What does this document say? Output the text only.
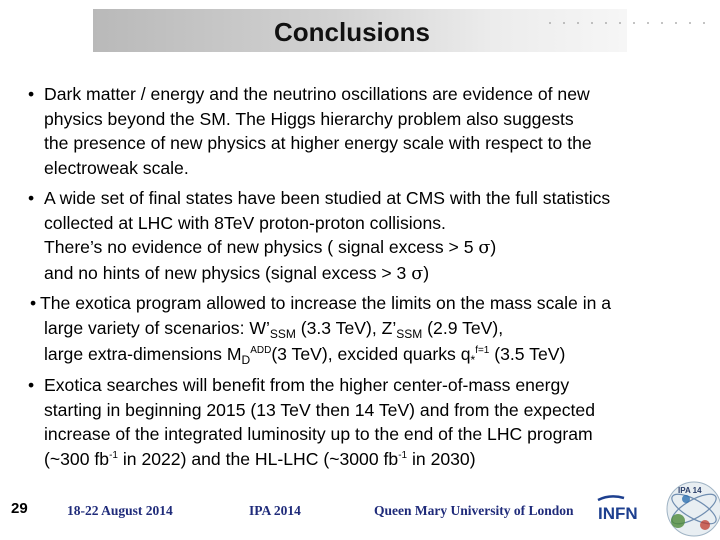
Conclusions
• Dark matter / energy and the neutrino oscillations are evidence of new
physics beyond the SM. The Higgs hierarchy problem also suggests
the presence of new physics at higher energy scale with respect to the
electroweak scale.
• A wide set of final states have been studied at CMS with the full statistics
collected at LHC with 8TeV proton-proton collisions.
There’s no evidence of new physics ( signal excess > 5 σ)
and no hints of new physics (signal excess > 3 σ)
• The exotica program allowed to increase the limits on the mass scale in a
large variety of scenarios: $W’_{SSM}$ (3.3 TeV), $Z’_{SSM}$ (2.9 TeV),
large extra-dimensions $M_D^{ADD}(3$ TeV), excided quarks $q_*^{f=1}$ (3.5 TeV)
• Exotica searches will benefit from the higher center-of-mass energy
starting in beginning 2015 (13 TeV then 14 TeV) and from the expected
increase of the integrated luminosity up to the end of the LHC program
(~300 $fb^{-1}$ in 2022) and the HL-LHC (~3000 $fb^{-1}$ in 2030)
29	18-22 August 2014	IPA 2014	Queen Mary University of London INFN
IPA 14
